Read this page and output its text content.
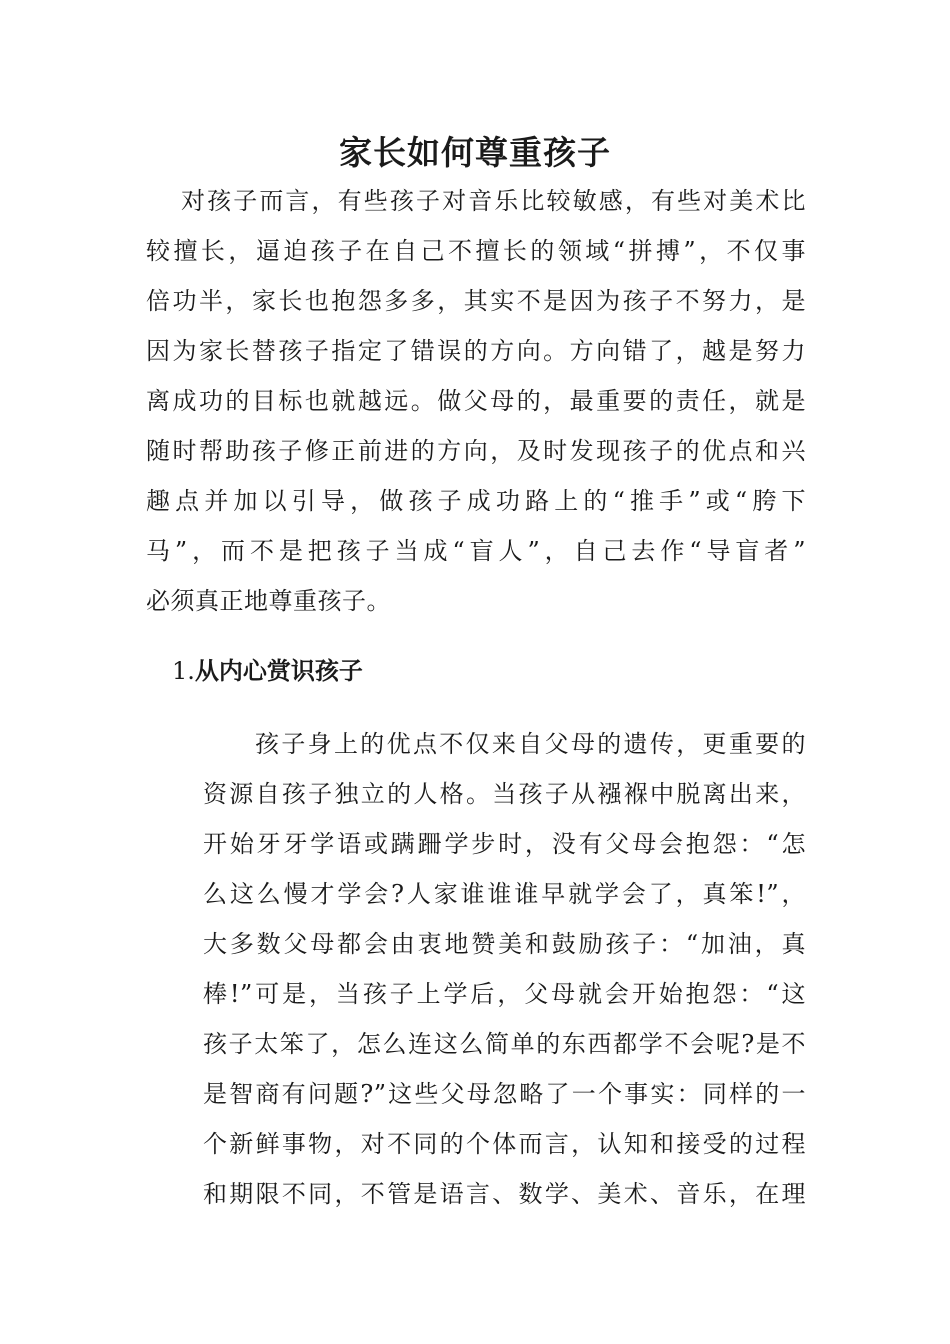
家长如何尊重孩子
对孩子而言，有些孩子对音乐比较敏感，有些对美术比
较擅长，逼迫孩子在自己不擅长的领域“拼搏”，不仅事
倍功半，家长也抱怨多多，其实不是因为孩子不努力，是
因为家长替孩子指定了错误的方向。方向错了，越是努力
离成功的目标也就越远。做父母的，最重要的责任，就是
随时帮助孩子修正前进的方向，及时发现孩子的优点和兴
趣点并加以引导，做孩子成功路上的“推手”或“胯下
马”，而不是把孩子当成“盲人”，自己去作“导盲者”
必须真正地尊重孩子。
1.从内心赏识孩子
孩子身上的优点不仅来自父母的遗传，更重要的
资源自孩子独立的人格。当孩子从襁褓中脱离出来，
开始牙牙学语或蹒跚学步时，没有父母会抱怨：“怎
么这么慢才学会?人家谁谁谁早就学会了，真笨!”，
大多数父母都会由衷地赞美和鼓励孩子：“加油，真
棒!”可是，当孩子上学后，父母就会开始抱怨：“这
孩子太笨了，怎么连这么简单的东西都学不会呢?是不
是智商有问题?”这些父母忽略了一个事实：同样的一
个新鲜事物，对不同的个体而言，认知和接受的过程
和期限不同，不管是语言、数学、美术、音乐，在理
